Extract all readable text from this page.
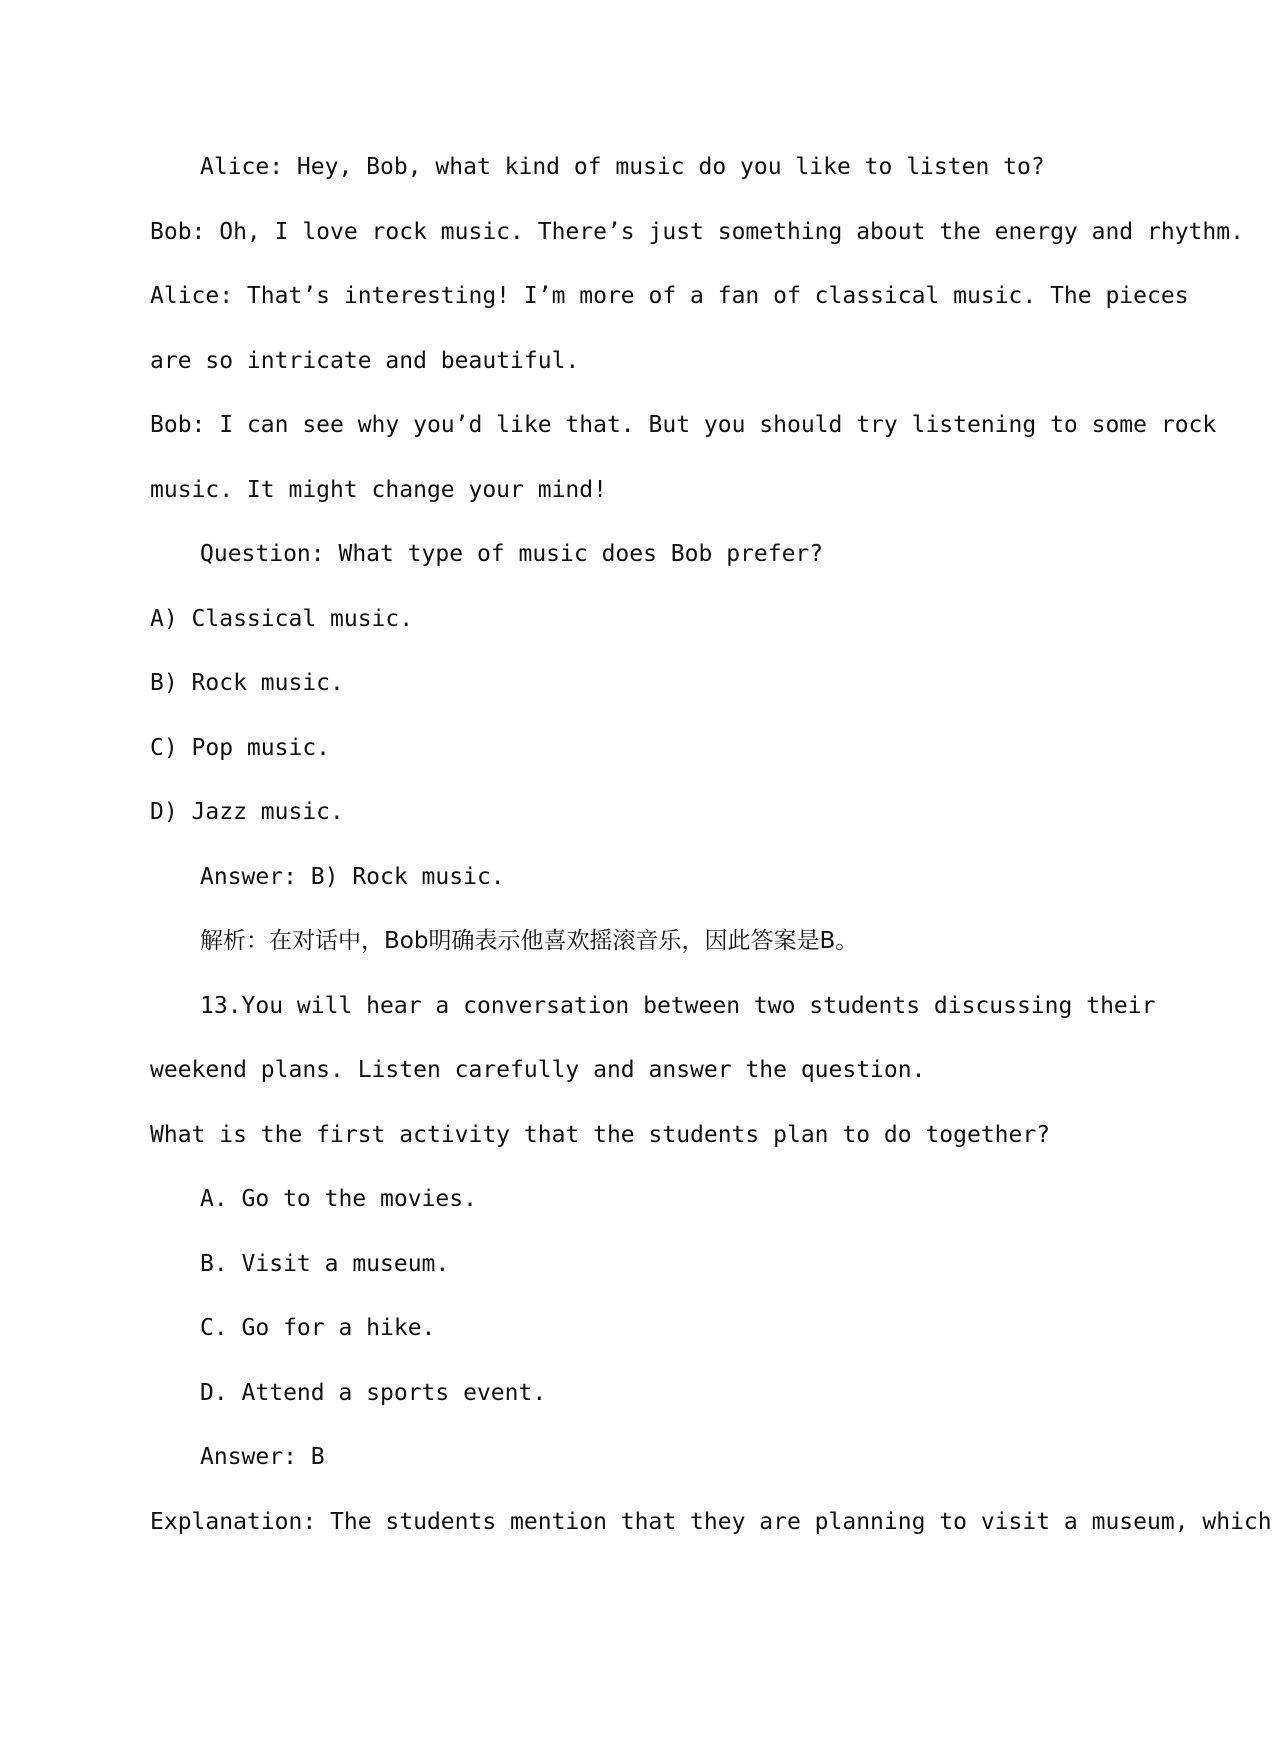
Alice: Hey, Bob, what kind of music do you like to listen to?
Bob: Oh, I love rock music. There’s just something about the energy and rhythm.
Alice: That’s interesting! I’m more of a fan of classical music. The pieces
are so intricate and beautiful.
Bob: I can see why you’d like that. But you should try listening to some rock
music. It might change your mind!
Question: What type of music does Bob prefer?
A) Classical music.
B) Rock music.
C) Pop music.
D) Jazz music.
Answer: B) Rock music.
解析：在对话中，Bob明确表示他喜欢摇滚音乐，因此答案是B。
13.You will hear a conversation between two students discussing their
weekend plans. Listen carefully and answer the question.
What is the first activity that the students plan to do together?
A. Go to the movies.
B. Visit a museum.
C. Go for a hike.
D. Attend a sports event.
Answer: B
Explanation: The students mention that they are planning to visit a museum, which
